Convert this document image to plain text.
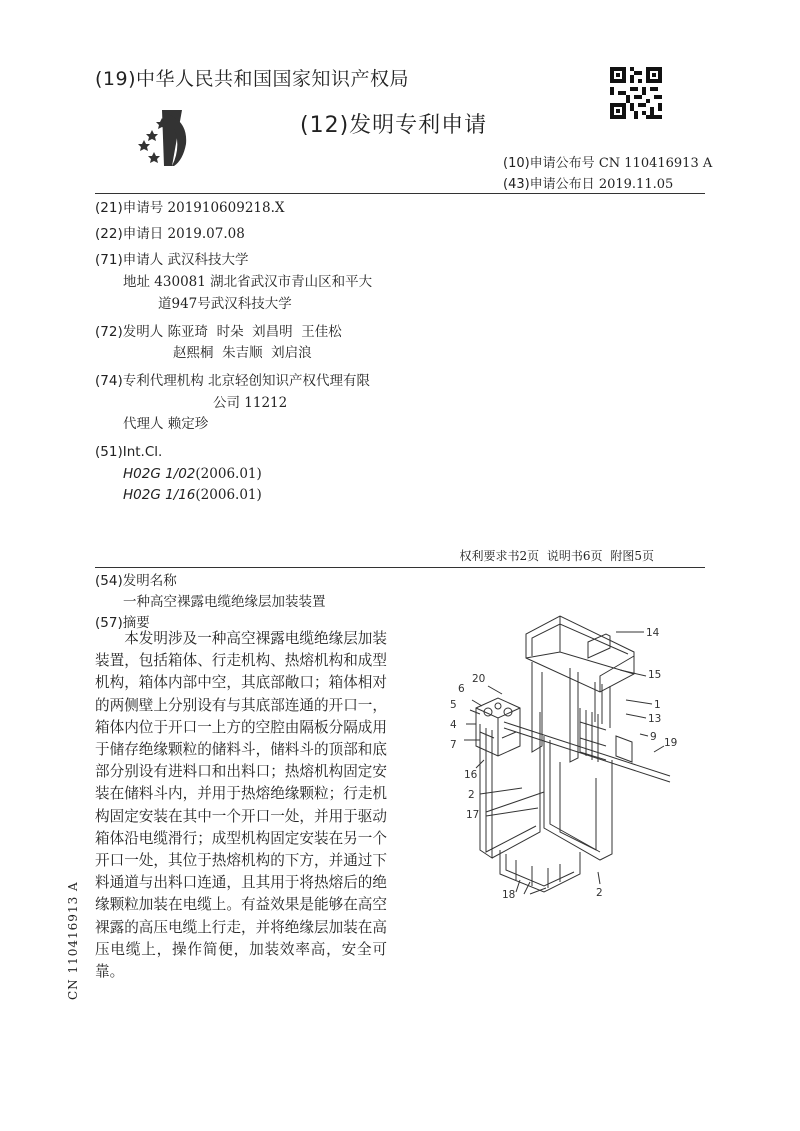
(19)中华人民共和国国家知识产权局
(12)发明专利申请
(10)申请公布号 CN 110416913 A
(43)申请公布日 2019.11.05
(21)申请号 201910609218.X
(22)申请日 2019.07.08
(71)申请人 武汉科技大学
地址 430081 湖北省武汉市青山区和平大
道947号武汉科技大学
(72)发明人 陈亚琦  时朵  刘昌明  王佳松
赵熙桐  朱吉顺  刘启浪
(74)专利代理机构 北京轻创知识产权代理有限
公司 11212
代理人 赖定珍
(51)Int.Cl.
H02G 1/02(2006.01)
H02G 1/16(2006.01)
权利要求书2页 说明书6页 附图5页
(54)发明名称
一种高空裸露电缆绝缘层加装装置
(57)摘要
本发明涉及一种高空裸露电缆绝缘层加装装置，包括箱体、行走机构、热熔机构和成型机构，箱体内部中空，其底部敞口；箱体相对的两侧壁上分别设有与其底部连通的开口一，箱体内位于开口一上方的空腔由隔板分隔成用于储存绝缘颗粒的储料斗，储料斗的顶部和底部分别设有进料口和出料口；热熔机构固定安装在储料斗内，并用于热熔绝缘颗粒；行走机构固定安装在其中一个开口一处，并用于驱动箱体沿电缆滑行；成型机构固定安装在另一个开口一处，其位于热熔机构的下方，并通过下料通道与出料口连通，且其用于将热熔后的绝缘颗粒加装在电缆上。有益效果是能够在高空裸露的高压电缆上行走，并将绝缘层加装在高压电缆上，操作简便，加装效率高，安全可靠。
CN 110416913 A
14
15
1
13
9 19
20
6
5
4
7
16
2
17
18	2
